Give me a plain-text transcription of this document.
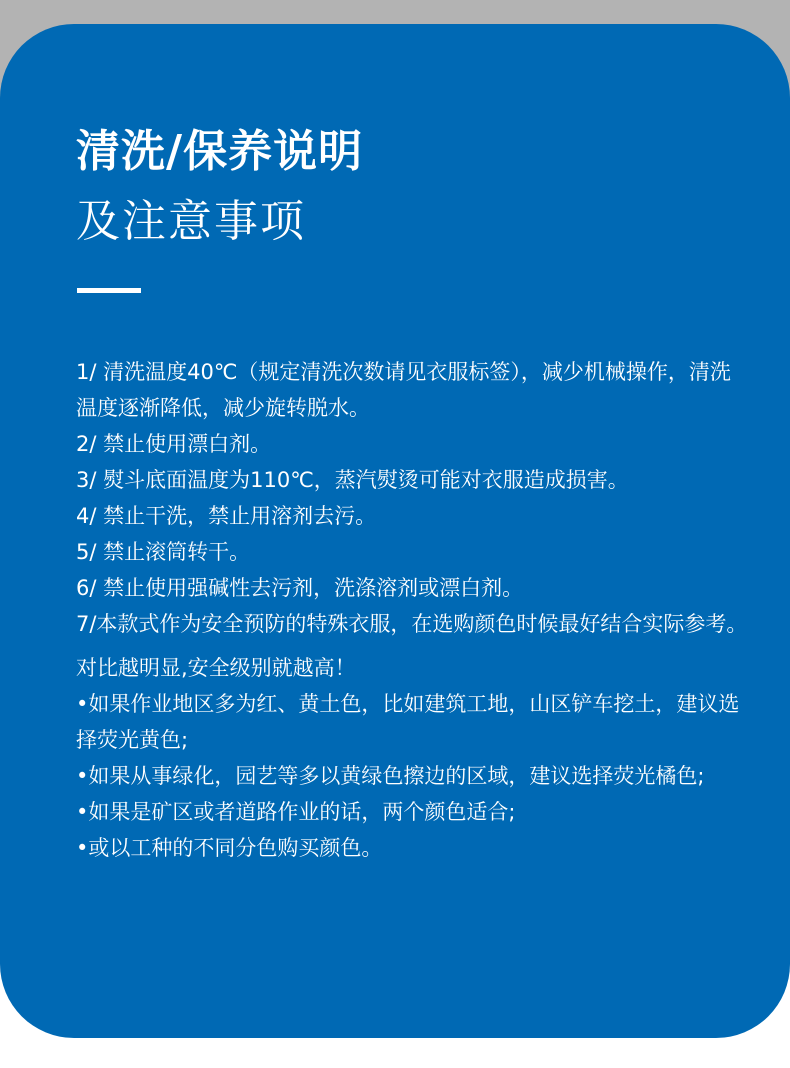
清洗/保养说明
及注意事项

1/ 清洗温度40℃（规定清洗次数请见衣服标签），减少机械操作，清洗温度逐渐降低，减少旋转脱水。

2/ 禁止使用漂白剂。

3/ 熨斗底面温度为110℃，蒸汽熨烫可能对衣服造成损害。

4/ 禁止干洗，禁止用溶剂去污。

5/ 禁止滚筒转干。

6/ 禁止使用强碱性去污剂，洗涤溶剂或漂白剂。

7/本款式作为安全预防的特殊衣服，在选购颜色时候最好结合实际参考。

对比越明显,安全级别就越高！

•如果作业地区多为红、黄土色，比如建筑工地，山区铲车挖土，建议选择荧光黄色;

•如果从事绿化，园艺等多以黄绿色擦边的区域，建议选择荧光橘色;

•如果是矿区或者道路作业的话，两个颜色适合;

•或以工种的不同分色购买颜色。
